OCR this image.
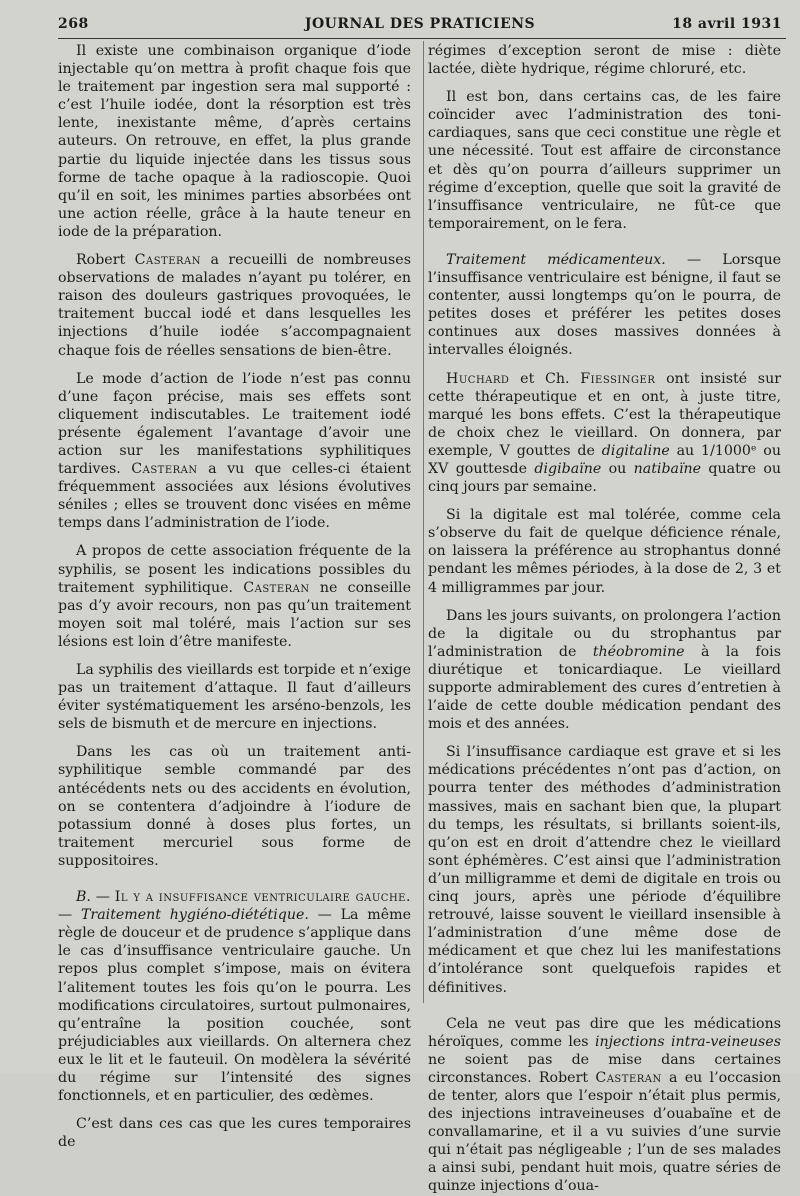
268	JOURNAL DES PRATICIENS	18 avril 1931

Il existe une combinaison organique d’iode injectable qu’on mettra à profit chaque fois que le traitement par ingestion sera mal supporté : c’est l’huile iodée, dont la résorption est très lente, inexistante même, d’après certains auteurs. On retrouve, en effet, la plus grande partie du liquide injectée dans les tissus sous forme de tache opaque à la radioscopie. Quoi qu’il en soit, les minimes parties absorbées ont une action réelle, grâce à la haute teneur en iode de la préparation.

Robert Casteran a recueilli de nombreuses observations de malades n’ayant pu tolérer, en raison des douleurs gastriques provoquées, le traitement buccal iodé et dans lesquelles les injections d’huile iodée s’accompagnaient chaque fois de réelles sensations de bien-être.

Le mode d’action de l’iode n’est pas connu d’une façon précise, mais ses effets sont cliquement indiscutables. Le traitement iodé présente également l’avantage d’avoir une action sur les manifestations syphilitiques tardives. Casteran a vu que celles-ci étaient fréquemment associées aux lésions évolutives séniles ; elles se trouvent donc visées en même temps dans l’administration de l’iode.

A propos de cette association fréquente de la syphilis, se posent les indications possibles du traitement syphilitique. Casteran ne conseille pas d’y avoir recours, non pas qu’un traitement moyen soit mal toléré, mais l’action sur ses lésions est loin d’être manifeste.

La syphilis des vieillards est torpide et n’exige pas un traitement d’attaque. Il faut d’ailleurs éviter systématiquement les arséno-benzols, les sels de bismuth et de mercure en injections.

Dans les cas où un traitement anti-syphilitique semble commandé par des antécédents nets ou des accidents en évolution, on se contentera d’adjoindre à l’iodure de potassium donné à doses plus fortes, un traitement mercuriel sous forme de suppositoires.

B. — Il y a insuffisance ventriculaire gauche. — Traitement hygiéno-diététique. — La même règle de douceur et de prudence s’applique dans le cas d’insuffisance ventriculaire gauche. Un repos plus complet s’impose, mais on évitera l’alitement toutes les fois qu’on le pourra. Les modifications circulatoires, surtout pulmonaires, qu’entraîne la position couchée, sont préjudiciables aux vieillards. On alternera chez eux le lit et le fauteuil. On modèlera la sévérité du régime sur l’intensité des signes fonctionnels, et en particulier, des œdèmes.

C’est dans ces cas que les cures temporaires de

régimes d’exception seront de mise : diète lactée, diète hydrique, régime chloruré, etc.

Il est bon, dans certains cas, de les faire coïncider avec l’administration des toni-cardiaques, sans que ceci constitue une règle et une nécessité. Tout est affaire de circonstance et dès qu’on pourra d’ailleurs supprimer un régime d’exception, quelle que soit la gravité de l’insuffisance ventriculaire, ne fût-ce que temporairement, on le fera.

Traitement médicamenteux. — Lorsque l’insuffisance ventriculaire est bénigne, il faut se contenter, aussi longtemps qu’on le pourra, de petites doses et préférer les petites doses continues aux doses massives données à intervalles éloignés.

Huchard et Ch. Fiessinger ont insisté sur cette thérapeutique et en ont, à juste titre, marqué les bons effets. C’est la thérapeutique de choix chez le vieillard. On donnera, par exemple, V gouttes de digitaline au 1/1000ᵉ ou XV gouttesde digibaïne ou natibaïne quatre ou cinq jours par semaine.

Si la digitale est mal tolérée, comme cela s’observe du fait de quelque déficience rénale, on laissera la préférence au strophantus donné pendant les mêmes périodes, à la dose de 2, 3 et 4 milligrammes par jour.

Dans les jours suivants, on prolongera l’action de la digitale ou du strophantus par l’administration de théobromine à la fois diurétique et tonicardiaque. Le vieillard supporte admirablement des cures d’entretien à l’aide de cette double médication pendant des mois et des années.

Si l’insuffisance cardiaque est grave et si les médications précédentes n’ont pas d’action, on pourra tenter des méthodes d’administration massives, mais en sachant bien que, la plupart du temps, les résultats, si brillants soient-ils, qu’on est en droit d’attendre chez le vieillard sont éphémères. C’est ainsi que l’administration d’un milligramme et demi de digitale en trois ou cinq jours, après une période d’équilibre retrouvé, laisse souvent le vieillard insensible à l’administration d’une même dose de médicament et que chez lui les manifestations d’intolérance sont quelquefois rapides et définitives.

Cela ne veut pas dire que les médications héroïques, comme les injections intra-veineuses ne soient pas de mise dans certaines circonstances. Robert Casteran a eu l’occasion de tenter, alors que l’espoir n’était plus permis, des injections intraveineuses d’ouabaïne et de convallamarine, et il a vu suivies d’une survie qui n’était pas négligeable ; l’un de ses malades a ainsi subi, pendant huit mois, quatre séries de quinze injections d’oua-
